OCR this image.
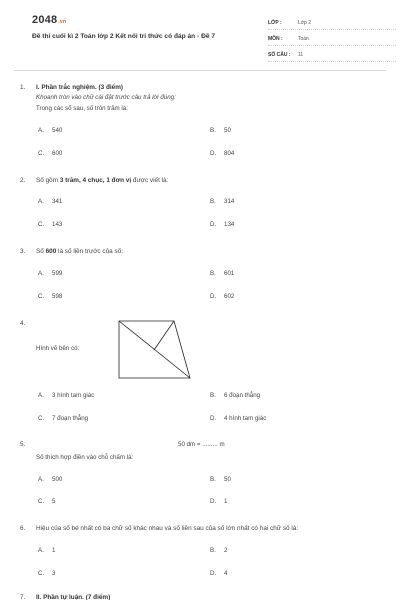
2048.vn
Đề thi cuối kì 2 Toán lớp 2 Kết nối tri thức có đáp án - Đề 7
LỚP :	Lớp 2
MÔN :	Toán
SỐ CÂU :	11
1. I. Phần trắc nghiệm. (3 điểm)
Khoanh tròn vào chữ cái đặt trước câu trả lời đúng:
Trong các số sau, số tròn trăm là:
A. 540	B. 50
C. 600	D. 804
2. Số gồm 3 trăm, 4 chục, 1 đơn vị được viết là:
A. 341	B. 314
C. 143	D. 134
3. Số 600 là số liền trước của số:
A. 599	B. 601
C. 598	D. 602
4.
Hình vẽ bên có:
A. 3 hình tam giác	B. 6 đoạn thẳng
C. 7 đoạn thẳng	D. 4 hình tam giác
5.	50 dm = ......... m
Số thích hợp điền vào chỗ chấm là:
A. 500	B. 50
C. 5	D. 1
6. Hiệu của số bé nhất có ba chữ số khác nhau và số liền sau của số lớn nhất có hai chữ số là:
A. 1	B. 2
C. 3	D. 4
7. II. Phần tự luận. (7 điểm)
